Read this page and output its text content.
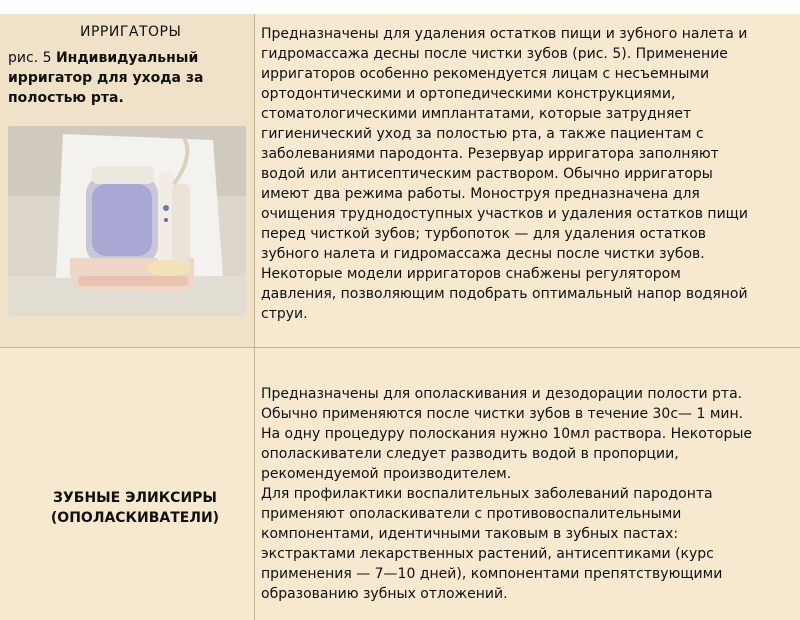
ИРРИГАТОРЫ
рис. 5 Индивидуальный ирригатор для ухода за полостью рта.
Предназначены для удаления остатков пищи и зубного налета и
гидромассажа десны после чистки зубов (рис. 5). Применение
ирригаторов особенно рекомендуется лицам с несъемными
ортодонтическими и ортопедическими конструкциями,
стоматологическими имплантатами, которые затрудняет
гигиенический уход за полостью рта, а также пациентам с
заболеваниями пародонта. Резервуар ирригатора заполняют
водой или антисептическим раствором. Обычно ирригаторы
имеют два режима работы. Моноструя предназначена для
очищения труднодоступных участков и удаления остатков пищи
перед чисткой зубов; турбопоток — для удаления остатков
зубного налета и гидромассажа десны после чистки зубов.
Некоторые модели ирригаторов снабжены регулятором
давления, позволяющим подобрать оптимальный напор водяной
струи.
ЗУБНЫЕ ЭЛИКСИРЫ
(ОПОЛАСКИВАТЕЛИ)
Предназначены для ополаскивания и дезодорации полости рта.
Обычно применяются после чистки зубов в течение 30с— 1 мин.
На одну процедуру полоскания нужно 10мл раствора. Некоторые
ополаскиватели следует разводить водой в пропорции,
рекомендуемой производителем.
Для профилактики воспалительных заболеваний пародонта
применяют ополаскиватели с противовоспалительными
компонентами, идентичными таковым в зубных пастах:
экстрактами лекарственных растений, антисептиками (курс
применения — 7—10 дней), компонентами препятствующими
образованию зубных отложений.
